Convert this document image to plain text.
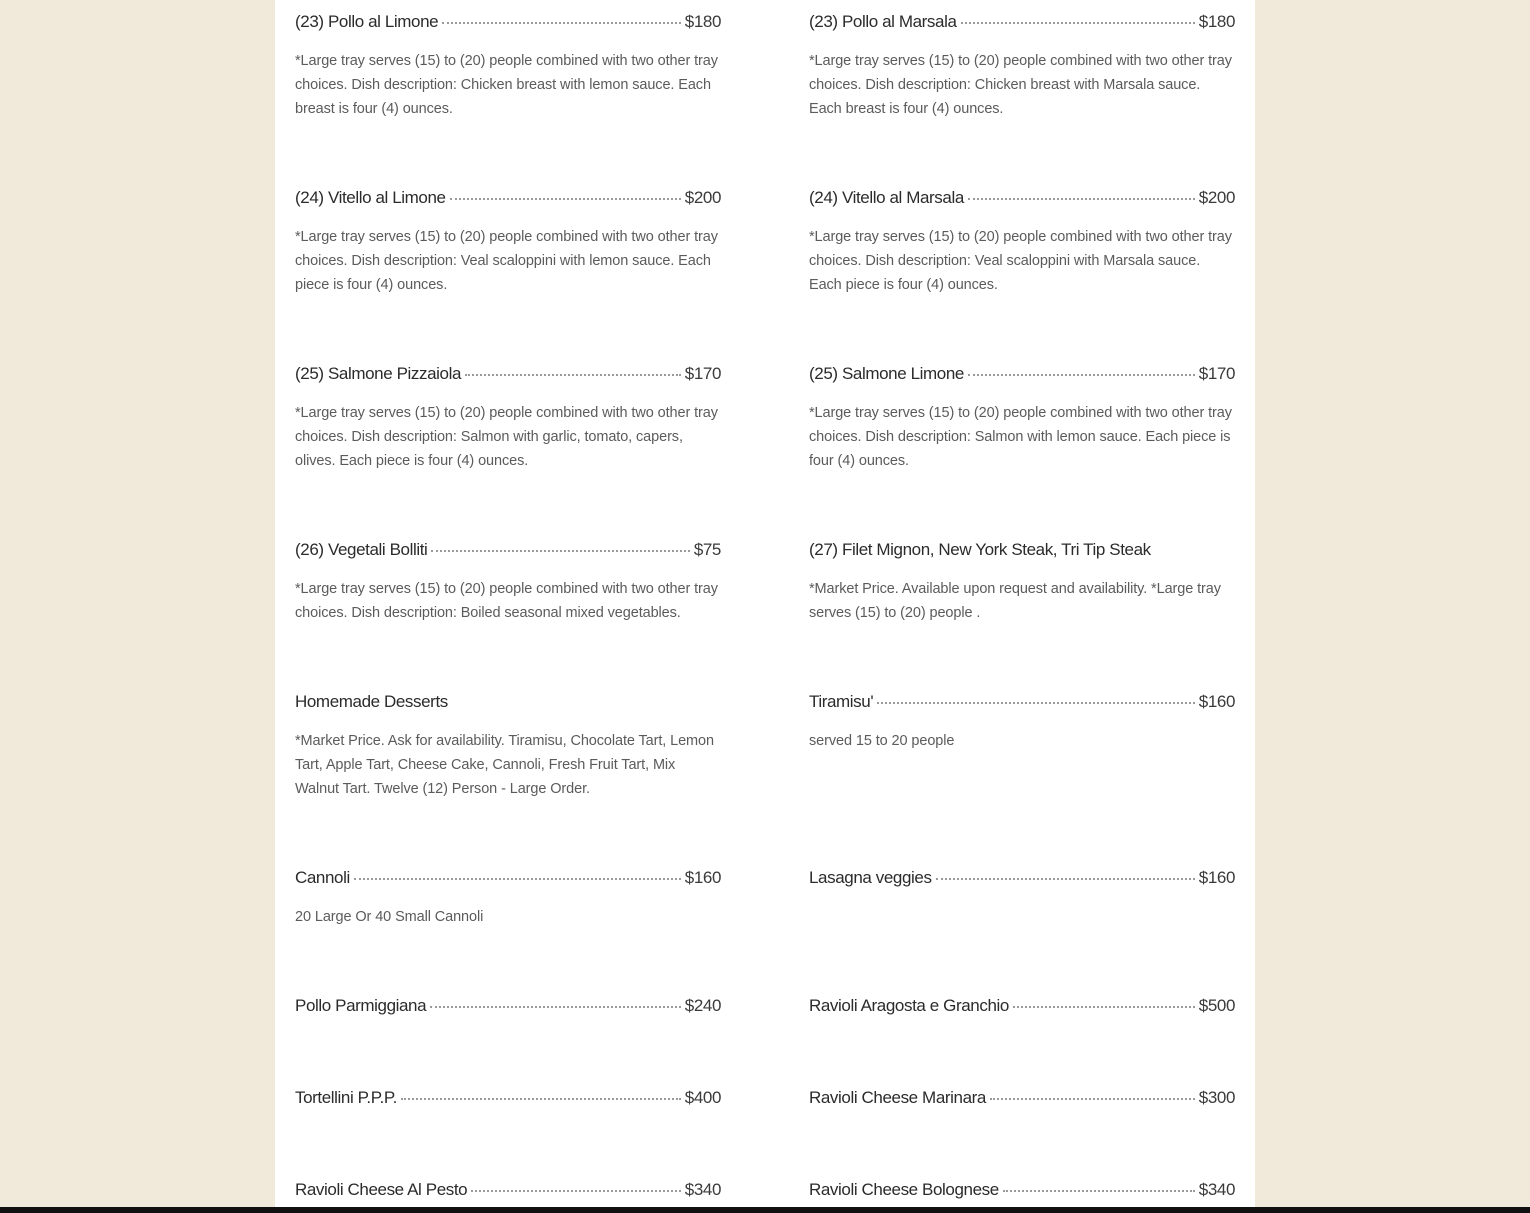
(23) Pollo al Limone	$180
*Large tray serves (15) to (20) people combined with two other tray choices. Dish description: Chicken breast with lemon sauce. Each breast is four (4) ounces.
(23) Pollo al Marsala	$180
*Large tray serves (15) to (20) people combined with two other tray choices. Dish description: Chicken breast with Marsala sauce. Each breast is four (4) ounces.
(24) Vitello al Limone	$200
*Large tray serves (15) to (20) people combined with two other tray choices. Dish description: Veal scaloppini with lemon sauce. Each piece is four (4) ounces.
(24) Vitello al Marsala	$200
*Large tray serves (15) to (20) people combined with two other tray choices. Dish description: Veal scaloppini with Marsala sauce. Each piece is four (4) ounces.
(25) Salmone Pizzaiola	$170
*Large tray serves (15) to (20) people combined with two other tray choices. Dish description: Salmon with garlic, tomato, capers, olives. Each piece is four (4) ounces.
(25) Salmone Limone	$170
*Large tray serves (15) to (20) people combined with two other tray choices. Dish description: Salmon with lemon sauce. Each piece is four (4) ounces.
(26) Vegetali Bolliti	$75
*Large tray serves (15) to (20) people combined with two other tray choices. Dish description: Boiled seasonal mixed vegetables.
(27) Filet Mignon, New York Steak, Tri Tip Steak
*Market Price. Available upon request and availability. *Large tray serves (15) to (20) people .
Homemade Desserts
*Market Price. Ask for availability. Tiramisu, Chocolate Tart, Lemon Tart, Apple Tart, Cheese Cake, Cannoli, Fresh Fruit Tart, Mix Walnut Tart. Twelve (12) Person - Large Order.
Tiramisu'	$160
served 15 to 20 people
Cannoli	$160
20 Large Or 40 Small Cannoli
Lasagna veggies	$160
Pollo Parmiggiana	$240	Ravioli Aragosta e Granchio	$500
Tortellini P.P.P.	$400	Ravioli Cheese Marinara	$300
Ravioli Cheese Al Pesto	$340	Ravioli Cheese Bolognese	$340
